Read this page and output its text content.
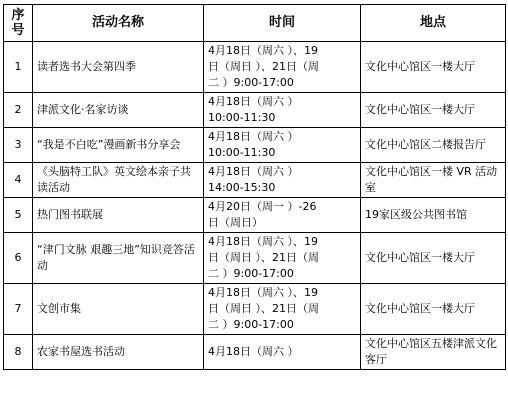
序号	活动名称	时间	地点
1	读者选书大会第四季	4月18日（周六 ）、19
日（周日 ）、21日（周
二 ）9:00-17:00	文化中心馆区一楼大厅
2	津派文化·名家访谈	4月18日（周六 ）
10:00-11:30	文化中心馆区一楼大厅
3	“我是不白吃”漫画新书分享会	4月18日（周六 ）
10:00-11:30	文化中心馆区二楼报告厅
4	《头脑特工队》英文绘本亲子共读活动	4月18日（周六 ）
14:00-15:30	文化中心馆区一楼 VR 活动室
5	热门图书联展	4月20日（周一 ）-26
日（周日）	19家区级公共图书馆
6	“津门文脉 艰趣三地”知识竞答活动	4月18日（周六 ）、19
日（周日 ）、21日（周
二 ）9:00-17:00	文化中心馆区一楼大厅
7	文创市集	4月18日（周六 ）、19
日（周日 ）、21日（周
二 ）9:00-17:00	文化中心馆区一楼大厅
8	农家书屋选书活动	4月18日（周六 ）	文化中心馆区五楼津派文化客厅
